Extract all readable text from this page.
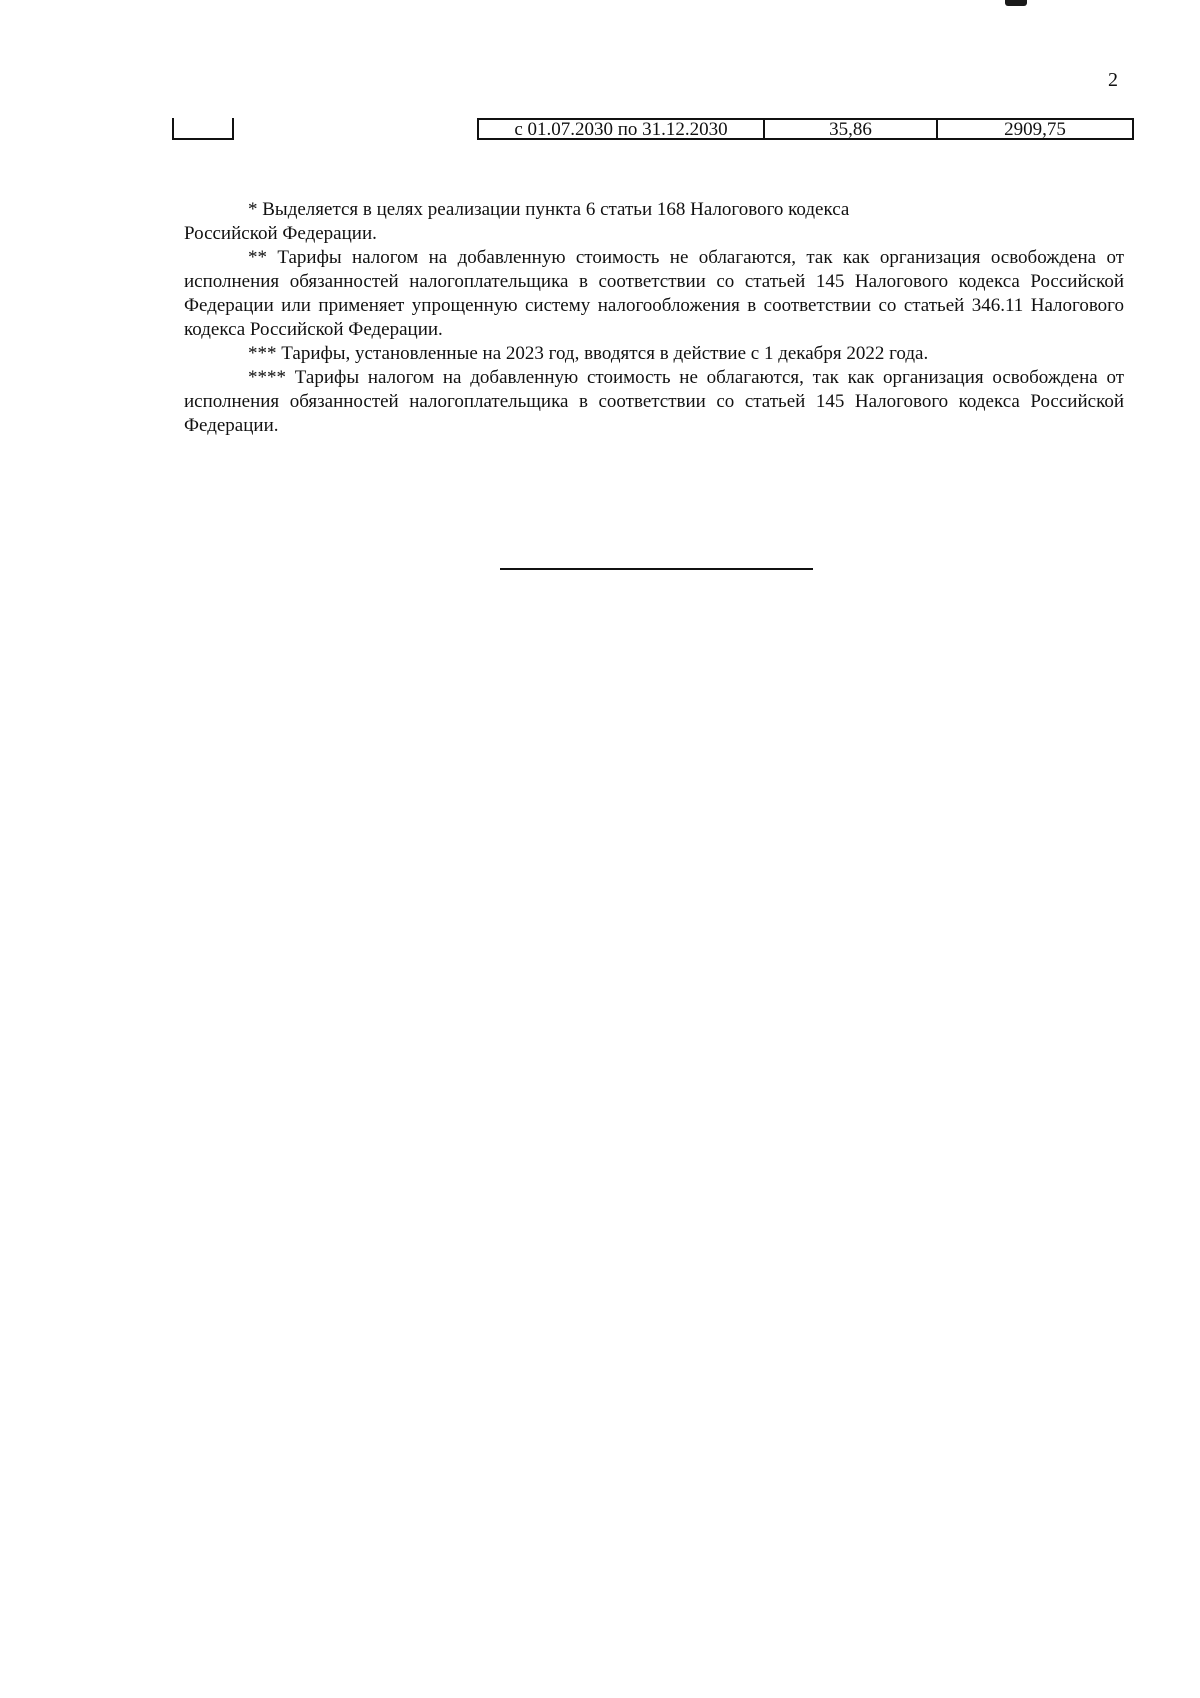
2
с 01.07.2030 по 31.12.2030	35,86	2909,75

* Выделяется в целях реализации пункта 6 статьи 168 Налогового кодекса Российской Федерации.

** Тарифы налогом на добавленную стоимость не облагаются, так как организация освобождена от исполнения обязанностей налогоплательщика в соответствии со статьей 145 Налогового кодекса Российской Федерации или применяет упрощенную систему налогообложения в соответствии со статьей 346.11 Налогового кодекса Российской Федерации.

*** Тарифы, установленные на 2023 год, вводятся в действие с 1 декабря 2022 года.

**** Тарифы налогом на добавленную стоимость не облагаются, так как организация освобождена от исполнения обязанностей налогоплательщика в соответствии со статьей 145 Налогового кодекса Российской Федерации.
